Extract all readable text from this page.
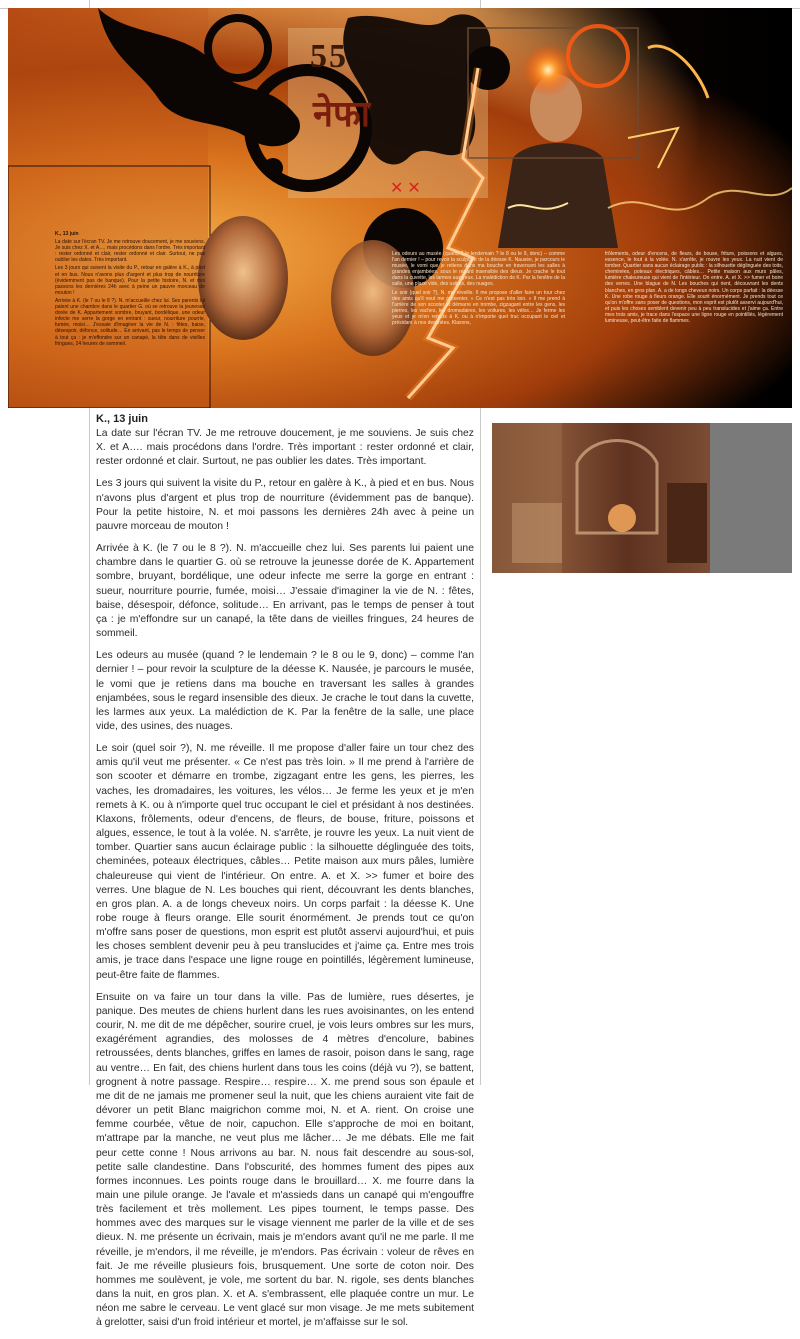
55
नेफा
✕✕

K., 13 juin

La date sur l'écran TV. Je me retrouve doucement, je me souviens. Je suis chez X. et A…. mais procédons dans l'ordre. Très important : rester ordonné et clair, rester ordonné et clair. Surtout, ne pas oublier les dates. Très important.

Les 3 jours qui suivent la visite du P., retour en galère à K., à pied et en bus. Nous n'avons plus d'argent et plus trop de nourriture (évidemment pas de banque). Pour la petite histoire, N. et moi passons les dernières 24h avec à peine un pauvre morceau de mouton !

Arrivée à K. (le 7 ou le 8 ?). N. m'accueille chez lui. Ses parents lui paient une chambre dans le quartier G. où se retrouve la jeunesse dorée de K. Appartement sombre, bruyant, bordélique, une odeur infecte me serre la gorge en entrant : sueur, nourriture pourrie, fumée, moisi… J'essaie d'imaginer la vie de N. : fêtes, baise, désespoir, défonce, solitude… En arrivant, pas le temps de penser à tout ça : je m'effondre sur un canapé, la tête dans de vieilles fringues, 24 heures de sommeil.

Les odeurs au musée (quand ? le lendemain ? le 8 ou le 9, donc) – comme l'an dernier ! – pour revoir la sculpture de la déesse K. Nausée, je parcours le musée, le vomi que je retiens dans ma bouche en traversant les salles à grandes enjambées, sous le regard insensible des dieux. Je crache le tout dans la cuvette, les larmes aux yeux. La malédiction de K. Par la fenêtre de la salle, une place vide, des usines, des nuages.

Le soir (quel soir ?), N. me réveille. Il me propose d'aller faire un tour chez des amis qu'il veut me présenter. « Ce n'est pas très loin. » Il me prend à l'arrière de son scooter et démarre en trombe, zigzagant entre les gens, les pierres, les vaches, les dromadaires, les voitures, les vélos… Je ferme les yeux et je m'en remets à K. ou à n'importe quel truc occupant le ciel et présidant à nos destinées. Klaxons,

frôlements, odeur d'encens, de fleurs, de bouse, friture, poissons et algues, essence, le tout à la volée. N. s'arrête, je rouvre les yeux. La nuit vient de tomber. Quartier sans aucun éclairage public : la silhouette déglinguée des toits, cheminées, poteaux électriques, câbles… Petite maison aux murs pâles, lumière chaleureuse qui vient de l'intérieur. On entre. A. et X. >> fumer et boire des verres. Une blague de N. Les bouches qui rient, découvrant les dents blanches, en gros plan. A. a de longs cheveux noirs. Un corps parfait : la déesse K. Une robe rouge à fleurs orange. Elle sourit énormément. Je prends tout ce qu'on m'offre sans poser de questions, mon esprit est plutôt asservi aujourd'hui, et puis les choses semblent devenir peu à peu translucides et j'aime ça. Entre mes trois amis, je trace dans l'espace une ligne rouge en pointillés, légèrement lumineuse, peut-être faite de flammes.

K., 13 juin

La date sur l'écran TV. Je me retrouve doucement, je me souviens. Je suis chez X. et A…. mais procédons dans l'ordre. Très important : rester ordonné et clair, rester ordonné et clair. Surtout, ne pas oublier les dates. Très important.

Les 3 jours qui suivent la visite du P., retour en galère à K., à pied et en bus. Nous n'avons plus d'argent et plus trop de nourriture (évidemment pas de banque). Pour la petite histoire, N. et moi passons les dernières 24h avec à peine un pauvre morceau de mouton !

Arrivée à K. (le 7 ou le 8 ?). N. m'accueille chez lui. Ses parents lui paient une chambre dans le quartier G. où se retrouve la jeunesse dorée de K. Appartement sombre, bruyant, bordélique, une odeur infecte me serre la gorge en entrant : sueur, nourriture pourrie, fumée, moisi… J'essaie d'imaginer la vie de N. : fêtes, baise, désespoir, défonce, solitude… En arrivant, pas le temps de penser à tout ça : je m'effondre sur un canapé, la tête dans de vieilles fringues, 24 heures de sommeil.

Les odeurs au musée (quand ? le lendemain ? le 8 ou le 9, donc) – comme l'an dernier ! – pour revoir la sculpture de la déesse K. Nausée, je parcours le musée, le vomi que je retiens dans ma bouche en traversant les salles à grandes enjambées, sous le regard insensible des dieux. Je crache le tout dans la cuvette, les larmes aux yeux. La malédiction de K. Par la fenêtre de la salle, une place vide, des usines, des nuages.

Le soir (quel soir ?), N. me réveille. Il me propose d'aller faire un tour chez des amis qu'il veut me présenter. « Ce n'est pas très loin. » Il me prend à l'arrière de son scooter et démarre en trombe, zigzagant entre les gens, les pierres, les vaches, les dromadaires, les voitures, les vélos… Je ferme les yeux et je m'en remets à K. ou à n'importe quel truc occupant le ciel et présidant à nos destinées. Klaxons, frôlements, odeur d'encens, de fleurs, de bouse, friture, poissons et algues, essence, le tout à la volée. N. s'arrête, je rouvre les yeux. La nuit vient de tomber. Quartier sans aucun éclairage public : la silhouette déglinguée des toits, cheminées, poteaux électriques, câbles… Petite maison aux murs pâles, lumière chaleureuse qui vient de l'intérieur. On entre. A. et X. >> fumer et boire des verres. Une blague de N. Les bouches qui rient, découvrant les dents blanches, en gros plan. A. a de longs cheveux noirs. Un corps parfait : la déesse K. Une robe rouge à fleurs orange. Elle sourit énormément. Je prends tout ce qu'on m'offre sans poser de questions, mon esprit est plutôt asservi aujourd'hui, et puis les choses semblent devenir peu à peu translucides et j'aime ça. Entre mes trois amis, je trace dans l'espace une ligne rouge en pointillés, légèrement lumineuse, peut-être faite de flammes.

Ensuite on va faire un tour dans la ville. Pas de lumière, rues désertes, je panique. Des meutes de chiens hurlent dans les rues avoisinantes, on les entend courir, N. me dit de me dépêcher, sourire cruel, je vois leurs ombres sur les murs, exagérément agrandies, des molosses de 4 mètres d'encolure, babines retroussées, dents blanches, griffes en lames de rasoir, poison dans le sang, rage au ventre… En fait, des chiens hurlent dans tous les coins (déjà vu ?), se battent, grognent à notre passage. Respire… respire… X. me prend sous son épaule et me dit de ne jamais me promener seul la nuit, que les chiens auraient vite fait de dévorer un petit Blanc maigrichon comme moi, N. et A. rient. On croise une femme courbée, vêtue de noir, capuchon. Elle s'approche de moi en boitant, m'attrape par la manche, ne veut plus me lâcher… Je me débats. Elle me fait peur cette conne ! Nous arrivons au bar. N. nous fait descendre au sous-sol, petite salle clandestine. Dans l'obscurité, des hommes fument des pipes aux formes inconnues. Les points rouge dans le brouillard… X. me fourre dans la main une pilule orange. Je l'avale et m'assieds dans un canapé qui m'engouffre très facilement et très mollement. Les pipes tournent, le temps passe. Des hommes avec des marques sur le visage viennent me parler de la ville et de ses dieux. N. me présente un écrivain, mais je m'endors avant qu'il ne me parle. Il me réveille, je m'endors, il me réveille, je m'endors. Pas écrivain : voleur de rêves en fait. Je me réveille plusieurs fois, brusquement. Une sorte de coton noir. Des hommes me soulèvent, je vole, me sortent du bar. N. rigole, ses dents blanches dans la nuit, en gros plan. X. et A. s'embrassent, elle plaquée contre un mur. Le néon me sabre le cerveau. Le vent glacé sur mon visage. Je me mets subitement à grelotter, saisi d'un froid intérieur et mortel, je m'affaisse sur le sol.
